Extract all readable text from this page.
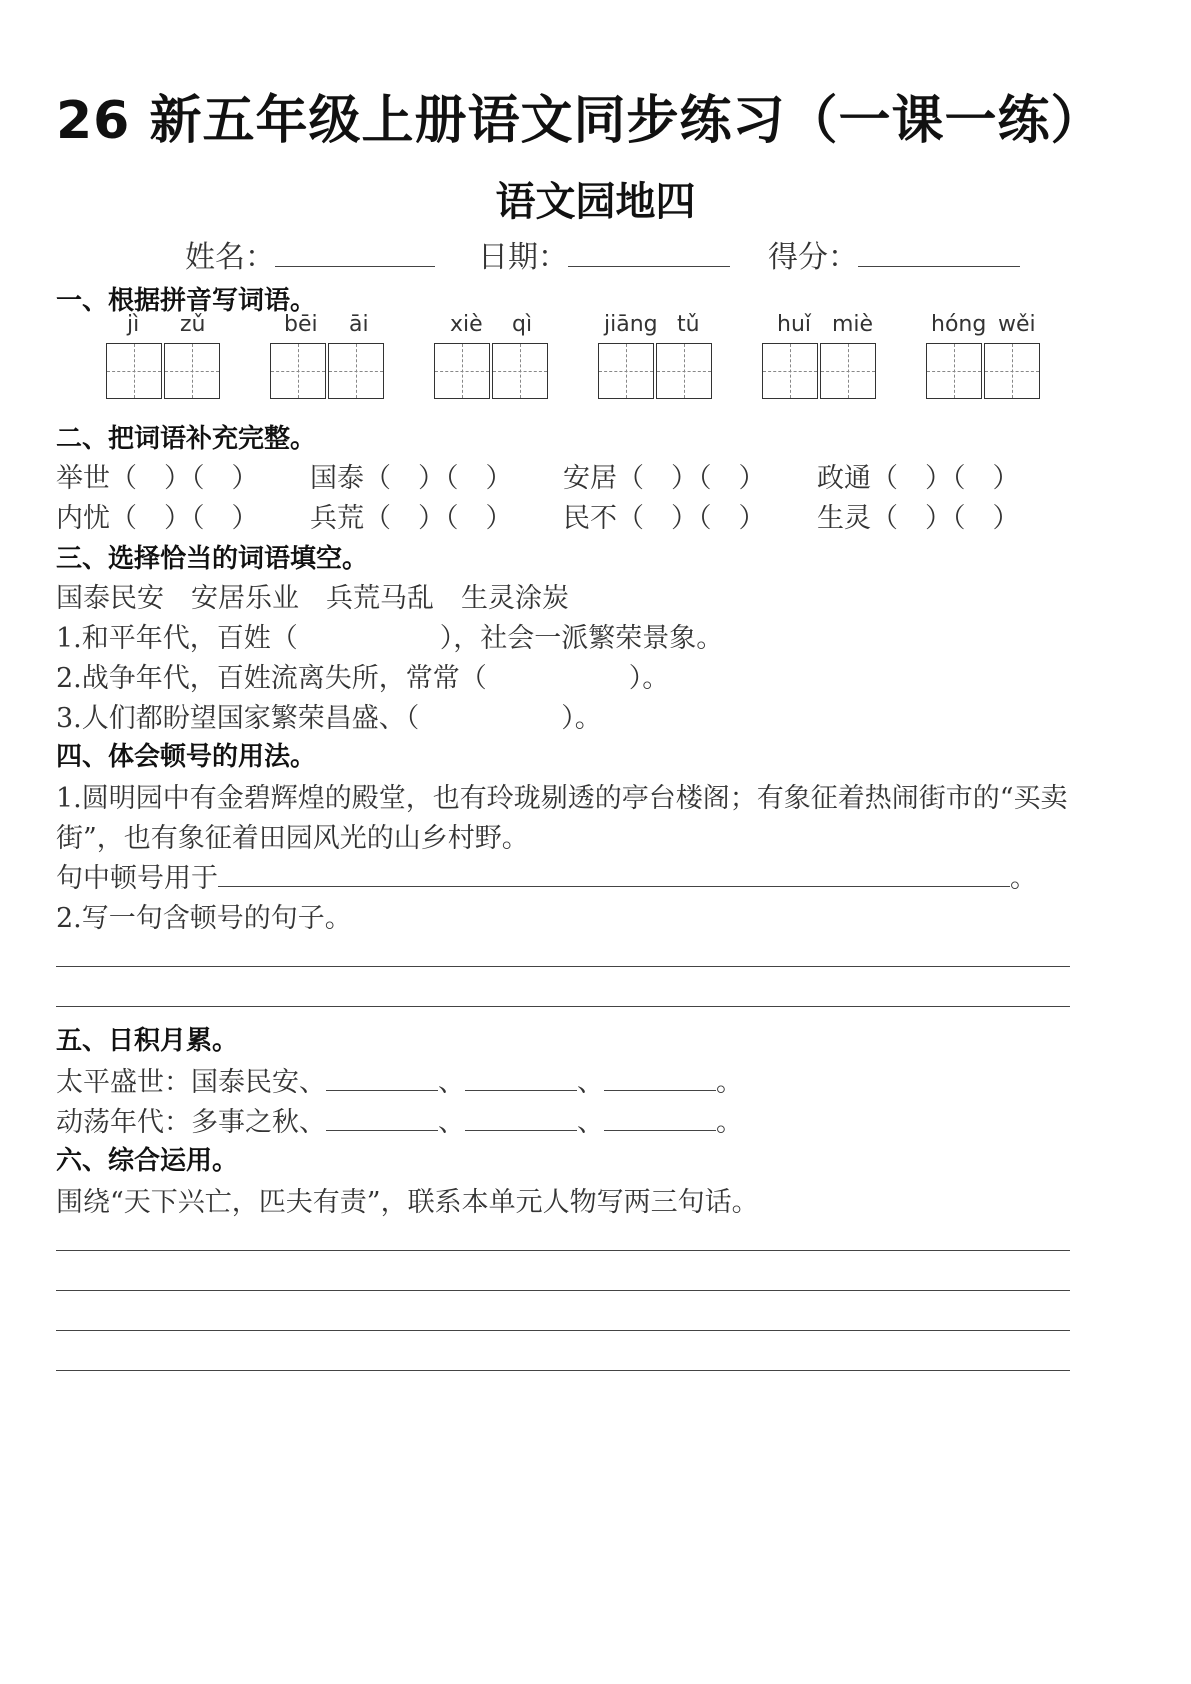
26 新五年级上册语文同步练习（一课一练）
语文园地四
姓名：	日期：	得分：
一、根据拼音写词语。
jì zǔ	bēi āi	xiè qì	jiāng tǔ	huǐ miè	hóng wěi
二、把词语补充完整。
举世（　）（　） 国泰（　）（　） 安居（　）（　） 政通（　）（　）
内忧（　）（　） 兵荒（　）（　） 民不（　）（　） 生灵（　）（　）
三、选择恰当的词语填空。
国泰民安　安居乐业　兵荒马乱　生灵涂炭
1.和平年代，百姓（	），社会一派繁荣景象。
2.战争年代，百姓流离失所，常常（	）。
3.人们都盼望国家繁荣昌盛、（	）。
四、体会顿号的用法。
1.圆明园中有金碧辉煌的殿堂，也有玲珑剔透的亭台楼阁；有象征着热闹街市的“买卖
街”，也有象征着田园风光的山乡村野。
句中顿号用于	。
2.写一句含顿号的句子。
五、日积月累。
太平盛世：国泰民安、	、	、	。
动荡年代：多事之秋、	、	、	。
六、综合运用。
围绕“天下兴亡，匹夫有责”，联系本单元人物写两三句话。
